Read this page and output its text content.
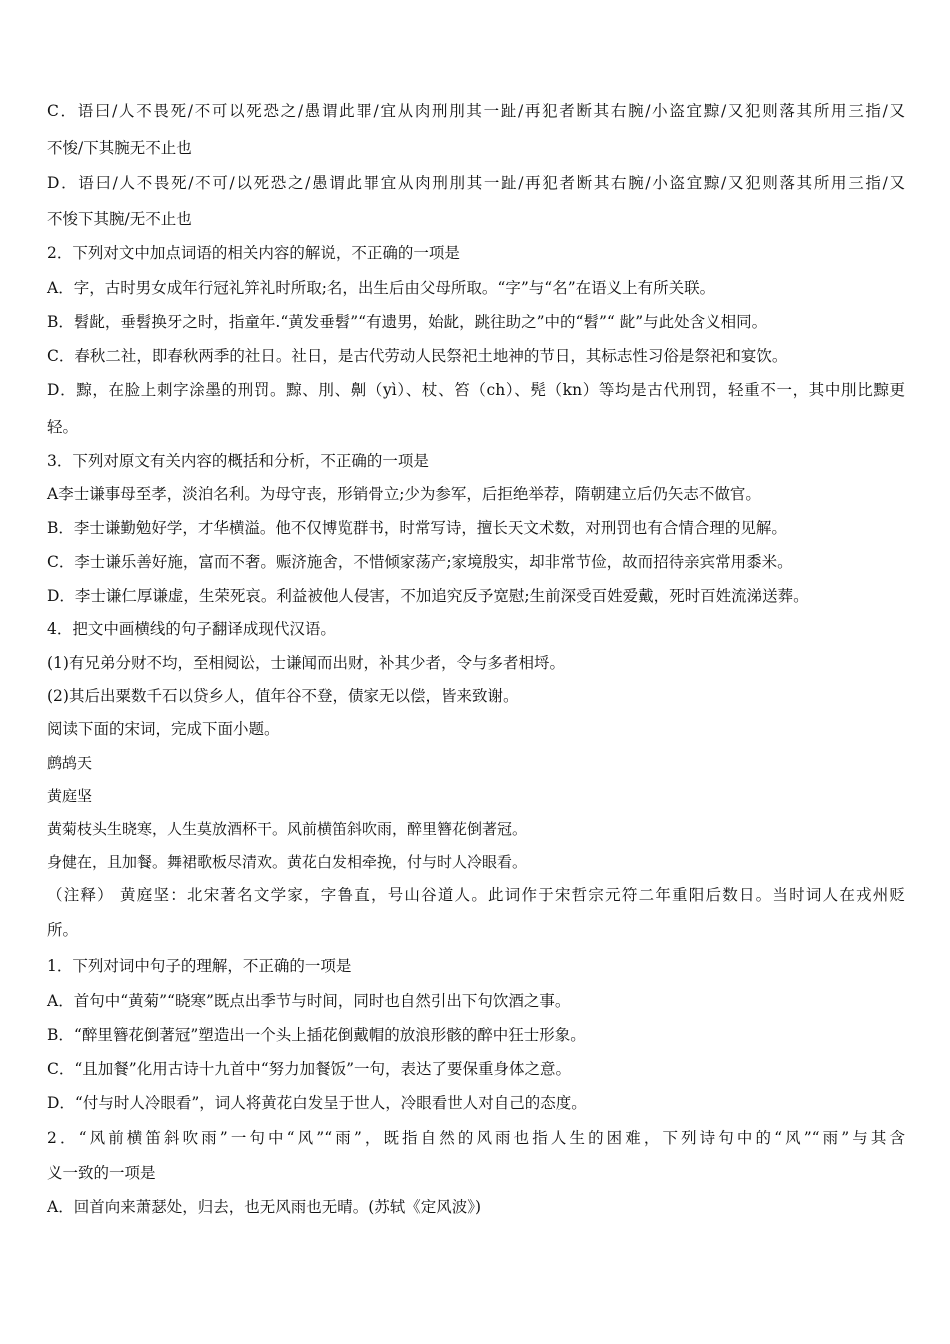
C．语曰/人不畏死/不可以死恐之/愚谓此罪/宜从肉刑刖其一趾/再犯者断其右腕/小盗宜黥/又犯则落其所用三指/又
不悛/下其腕无不止也
D．语曰/人不畏死/不可/以死恐之/愚谓此罪宜从肉刑刖其一趾/再犯者断其右腕/小盗宜黥/又犯则落其所用三指/又
不悛下其腕/无不止也
2．下列对文中加点词语的相关内容的解说，不正确的一项是
A．字，古时男女成年行冠礼笄礼时所取;名，出生后由父母所取。“字”与“名”在语义上有所关联。
B．髫龀，垂髫换牙之时，指童年.“黄发垂髫”“有遗男，始龀，跳往助之”中的“髫”“ 龀”与此处含义相同。
C．春秋二社，即春秋两季的社日。社日，是古代劳动人民祭祀土地神的节日，其标志性习俗是祭祀和宴饮。
D．黥，在脸上刺字涂墨的刑罚。黥、刖、劓（yì）、杖、笞（ch）、髡（kn）等均是古代刑罚，轻重不一，其中刖比黥更
轻。
3．下列对原文有关内容的概括和分析，不正确的一项是
A李士谦事母至孝，淡泊名利。为母守丧，形销骨立;少为参军，后拒绝举荐，隋朝建立后仍矢志不做官。
B．李士谦勤勉好学，才华横溢。他不仅博览群书，时常写诗，擅长天文术数，对刑罚也有合情合理的见解。
C．李士谦乐善好施，富而不奢。赈济施舍，不惜倾家荡产;家境殷实，却非常节俭，故而招待亲宾常用黍米。
D．李士谦仁厚谦虚，生荣死哀。利益被他人侵害，不加追究反予宽慰;生前深受百姓爱戴，死时百姓流涕送葬。
4．把文中画横线的句子翻译成现代汉语。
(1)有兄弟分财不均，至相阋讼，士谦闻而出财，补其少者，令与多者相埒。
(2)其后出粟数千石以贷乡人，值年谷不登，债家无以偿，皆来致谢。
阅读下面的宋词，完成下面小题。
鹧鸪天
黄庭坚
黄菊枝头生晓寒，人生莫放酒杯干。风前横笛斜吹雨，醉里簪花倒著冠。
身健在，且加餐。舞裙歌板尽清欢。黄花白发相牵挽，付与时人冷眼看。
（注释） 黄庭坚：北宋著名文学家，字鲁直，号山谷道人。此词作于宋哲宗元符二年重阳后数日。当时词人在戎州贬
所。
1．下列对词中句子的理解，不正确的一项是
A．首句中“黄菊”“晓寒”既点出季节与时间，同时也自然引出下句饮酒之事。
B．“醉里簪花倒著冠”塑造出一个头上插花倒戴帽的放浪形骸的醉中狂士形象。
C．“且加餐”化用古诗十九首中“努力加餐饭”一句，表达了要保重身体之意。
D．“付与时人冷眼看”，词人将黄花白发呈于世人，冷眼看世人对自己的态度。
2．“风前横笛斜吹雨”一句中“风”“雨”，既指自然的风雨也指人生的困难，下列诗句中的“风”“雨”与其含
义一致的一项是
A．回首向来萧瑟处，归去，也无风雨也无晴。(苏轼《定风波》)
